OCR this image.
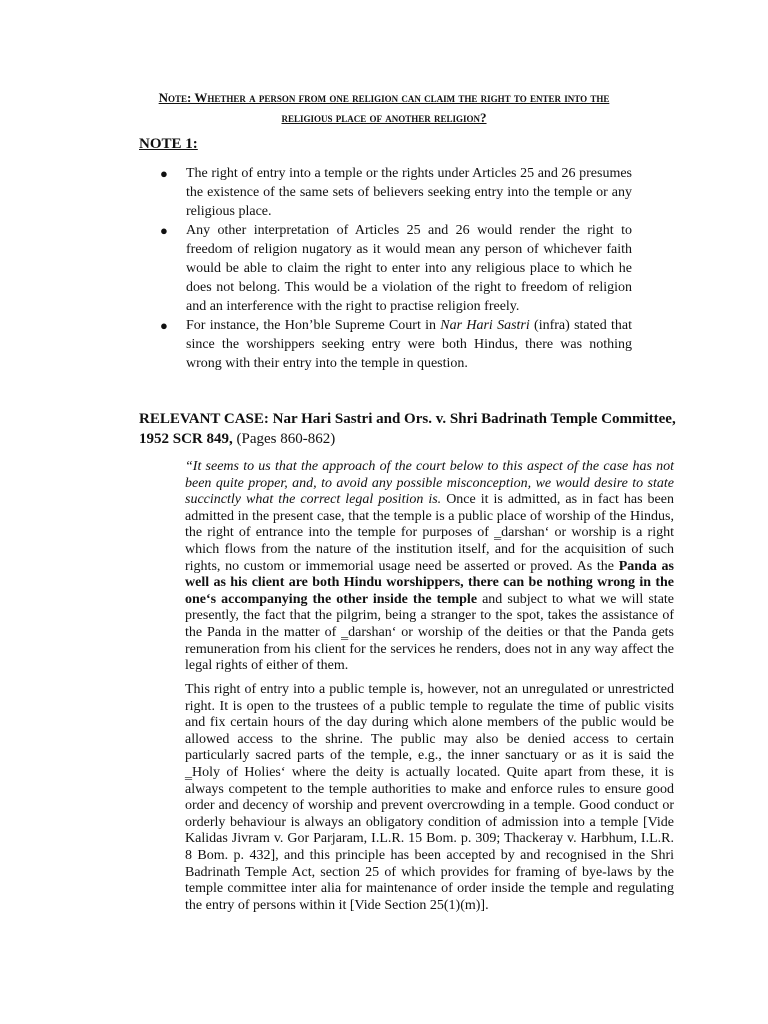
Note: Whether a person from one religion can claim the right to enter into the
religious place of another religion?
NOTE 1:
● The right of entry into a temple or the rights under Articles 25 and 26 presumes the existence of the same sets of believers seeking entry into the temple or any religious place.
● Any other interpretation of Articles 25 and 26 would render the right to freedom of religion nugatory as it would mean any person of whichever faith would be able to claim the right to enter into any religious place to which he does not belong. This would be a violation of the right to freedom of religion and an interference with the right to practise religion freely.
● For instance, the Hon’ble Supreme Court in Nar Hari Sastri (infra) stated that since the worshippers seeking entry were both Hindus, there was nothing wrong with their entry into the temple in question.
RELEVANT CASE: Nar Hari Sastri and Ors. v. Shri Badrinath Temple Committee, 1952 SCR 849, (Pages 860-862)
“It seems to us that the approach of the court below to this aspect of the case has not been quite proper, and, to avoid any possible misconception, we would desire to state succinctly what the correct legal position is. Once it is admitted, as in fact has been admitted in the present case, that the temple is a public place of worship of the Hindus, the right of entrance into the temple for purposes of ‗darshan‘ or worship is a right which flows from the nature of the institution itself, and for the acquisition of such rights, no custom or immemorial usage need be asserted or proved. As the Panda as well as his client are both Hindu worshippers, there can be nothing wrong in the one‘s accompanying the other inside the temple and subject to what we will state presently, the fact that the pilgrim, being a stranger to the spot, takes the assistance of the Panda in the matter of ‗darshan‘ or worship of the deities or that the Panda gets remuneration from his client for the services he renders, does not in any way affect the legal rights of either of them.
This right of entry into a public temple is, however, not an unregulated or unrestricted right. It is open to the trustees of a public temple to regulate the time of public visits and fix certain hours of the day during which alone members of the public would be allowed access to the shrine. The public may also be denied access to certain particularly sacred parts of the temple, e.g., the inner sanctuary or as it is said the ‗Holy of Holies‘ where the deity is actually located. Quite apart from these, it is always competent to the temple authorities to make and enforce rules to ensure good order and decency of worship and prevent overcrowding in a temple. Good conduct or orderly behaviour is always an obligatory condition of admission into a temple [Vide Kalidas Jivram v. Gor Parjaram, I.L.R. 15 Bom. p. 309; Thackeray v. Harbhum, I.L.R. 8 Bom. p. 432], and this principle has been accepted by and recognised in the Shri Badrinath Temple Act, section 25 of which provides for framing of bye-laws by the temple committee inter alia for maintenance of order inside the temple and regulating the entry of persons within it [Vide Section 25(1)(m)].
